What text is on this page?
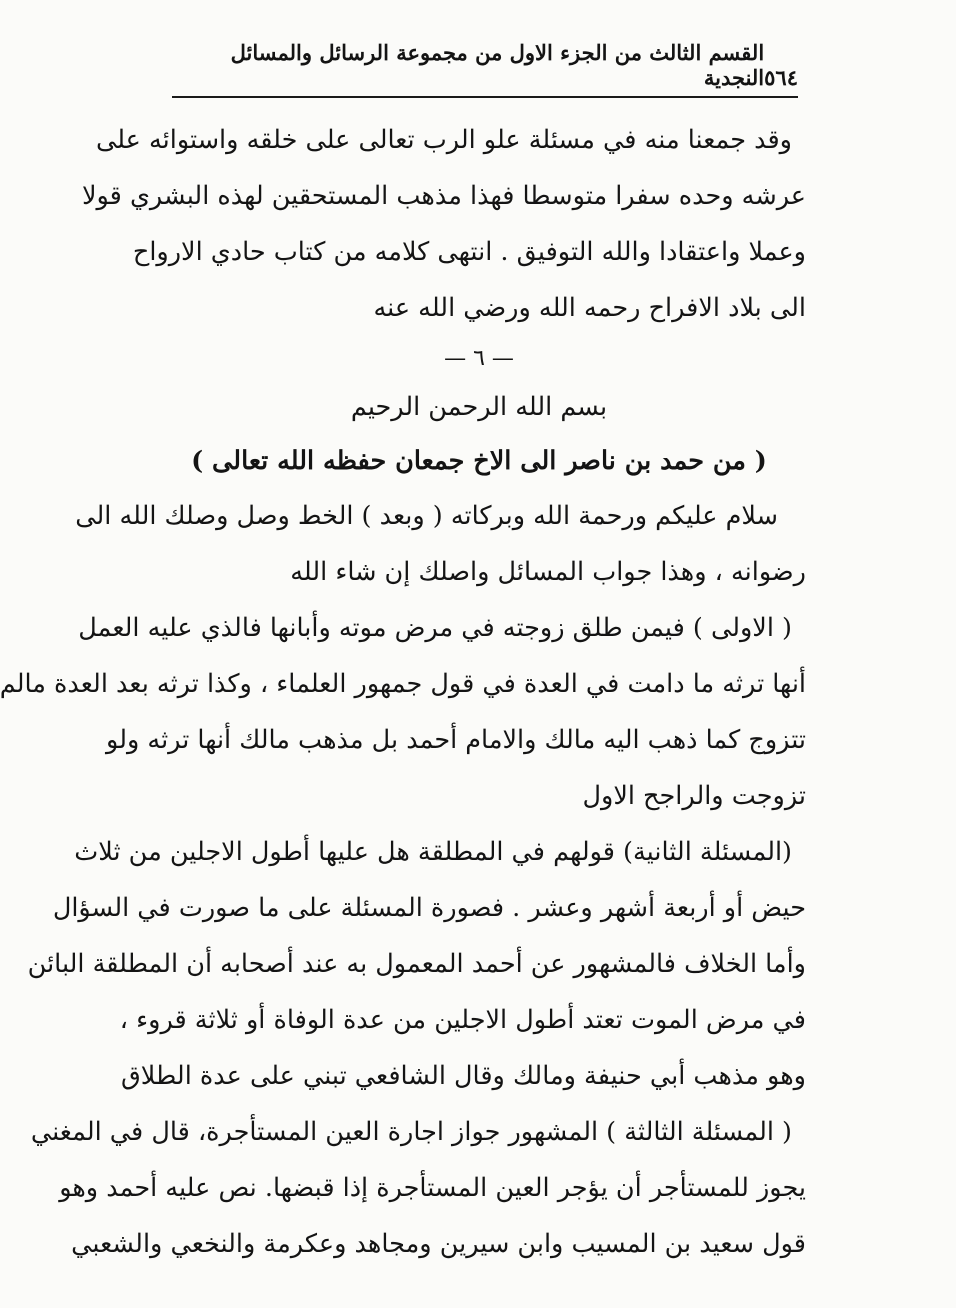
٥٦٤
القسم الثالث من الجزء الاول من مجموعة الرسائل والمسائل النجدية
وقد جمعنا منه في مسئلة علو الرب تعالى على خلقه واستوائه على
عرشه وحده سفرا متوسطا فهذا مذهب المستحقين لهذه البشري قولا
وعملا واعتقادا والله التوفيق . انتهى كلامه من كتاب حادي الارواح
الى بلاد الافراح رحمه الله ورضي الله عنه
— ٦ —
بسم الله الرحمن الرحيم
( من حمد بن ناصر الى الاخ جمعان حفظه الله تعالى )
سلام عليكم ورحمة الله وبركاته ( وبعد ) الخط وصل وصلك الله الى
رضوانه ، وهذا جواب المسائل واصلك إن شاء الله
( الاولى ) فيمن طلق زوجته في مرض موته وأبانها فالذي عليه العمل
أنها ترثه ما دامت في العدة في قول جمهور العلماء ، وكذا ترثه بعد العدة مالم
تتزوج كما ذهب اليه مالك والامام أحمد بل مذهب مالك أنها ترثه ولو
تزوجت والراجح الاول
(المسئلة الثانية) قولهم في المطلقة هل عليها أطول الاجلين من ثلاث
حيض أو أربعة أشهر وعشر . فصورة المسئلة على ما صورت في السؤال
وأما الخلاف فالمشهور عن أحمد المعمول به عند أصحابه أن المطلقة البائن
في مرض الموت تعتد أطول الاجلين من عدة الوفاة أو ثلاثة قروء ،
وهو مذهب أبي حنيفة ومالك وقال الشافعي تبني على عدة الطلاق
( المسئلة الثالثة ) المشهور جواز اجارة العين المستأجرة، قال في المغني
يجوز للمستأجر أن يؤجر العين المستأجرة إذا قبضها. نص عليه أحمد وهو
قول سعيد بن المسيب وابن سيرين ومجاهد وعكرمة والنخعي والشعبي
